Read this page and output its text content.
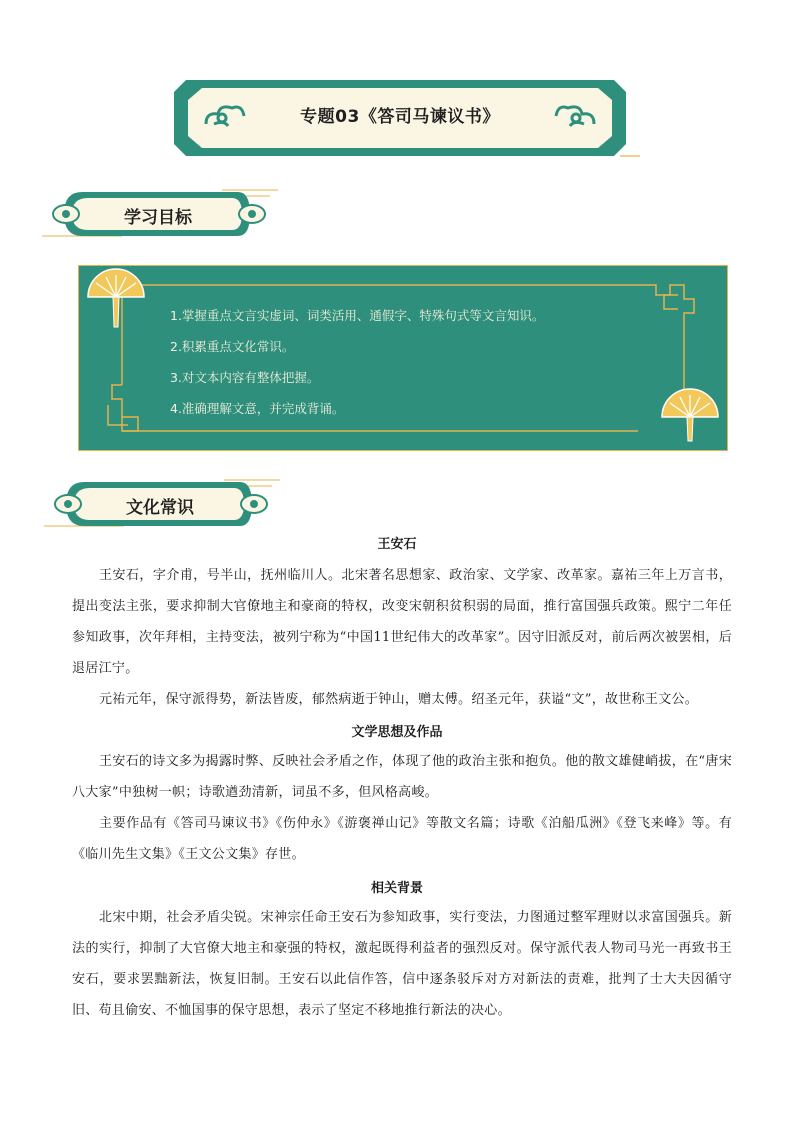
专题03《答司马谏议书》
学习目标
1.掌握重点文言实虚词、词类活用、通假字、特殊句式等文言知识。
2.积累重点文化常识。
3.对文本内容有整体把握。
4.准确理解文意，并完成背诵。
文化常识
王安石

王安石，字介甫，号半山，抚州临川人。北宋著名思想家、政治家、文学家、改革家。嘉祐三年上万言书，提出变法主张，要求抑制大官僚地主和豪商的特权，改变宋朝积贫积弱的局面，推行富国强兵政策。熙宁二年任参知政事，次年拜相，主持变法，被列宁称为“中国11世纪伟大的改革家”。因守旧派反对，前后两次被罢相，后退居江宁。

元祐元年，保守派得势，新法皆废，郁然病逝于钟山，赠太傅。绍圣元年，获谥“文”，故世称王文公。

文学思想及作品

王安石的诗文多为揭露时弊、反映社会矛盾之作，体现了他的政治主张和抱负。他的散文雄健峭拔，在“唐宋八大家”中独树一帜；诗歌遒劲清新，词虽不多，但风格高峻。

主要作品有《答司马谏议书》《伤仲永》《游褒禅山记》等散文名篇；诗歌《泊船瓜洲》《登飞来峰》等。有《临川先生文集》《王文公文集》存世。

相关背景

北宋中期，社会矛盾尖锐。宋神宗任命王安石为参知政事，实行变法，力图通过整军理财以求富国强兵。新法的实行，抑制了大官僚大地主和豪强的特权，激起既得利益者的强烈反对。保守派代表人物司马光一再致书王安石，要求罢黜新法，恢复旧制。王安石以此信作答，信中逐条驳斥对方对新法的责难，批判了士大夫因循守旧、苟且偷安、不恤国事的保守思想，表示了坚定不移地推行新法的决心。
